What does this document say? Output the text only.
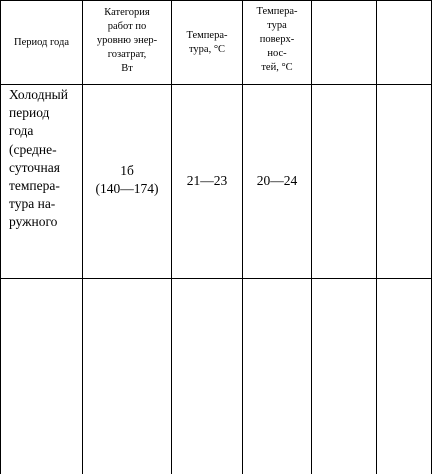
Период года
Категория
работ по
уровню энер-
гозатрат,
Вт
Темпера-
тура, °С
Темпера-
тура
поверх-
нос-
тей, °С
Холодный
период
года
(средне-
суточная
темпера-
тура на-
ружного
1б
(140—174)
21—23 20—24
